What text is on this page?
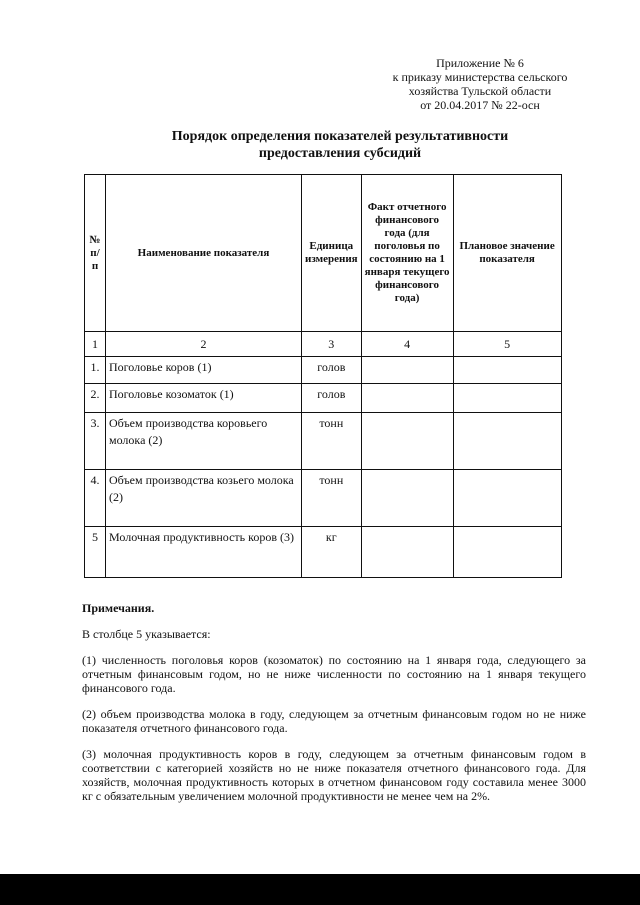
Приложение № 6
к приказу министерства сельского
хозяйства Тульской области
от 20.04.2017 № 22-осн
Порядок определения показателей результативности
предоставления субсидий
№ п/п	Наименование показателя	Единица измерения	Факт отчетного финансового года (для поголовья по состоянию на 1 января текущего финансового года)	Плановое значение показателя
1	2	3	4	5
1.	Поголовье коров (1)	голов		
2.	Поголовье козоматок (1)	голов		
3.	Объем производства коровьего молока (2)	тонн		
4.	Объем производства козьего молока (2)	тонн		
5	Молочная продуктивность коров (3)	кг		
Примечания.

В столбце 5 указывается:

(1) численность поголовья коров (козоматок) по состоянию на 1 января года, следующего за отчетным финансовым годом, но не ниже численности по состоянию на 1 января текущего финансового года.

(2) объем производства молока в году, следующем за отчетным финансовым годом но не ниже показателя отчетного финансового года.

(3) молочная продуктивность коров в году, следующем за отчетным финансовым годом в соответствии с категорией хозяйств но не ниже показателя отчетного финансового года. Для хозяйств, молочная продуктивность которых в отчетном финансовом году составила менее 3000 кг с обязательным увеличением молочной продуктивности не менее чем на 2%.
